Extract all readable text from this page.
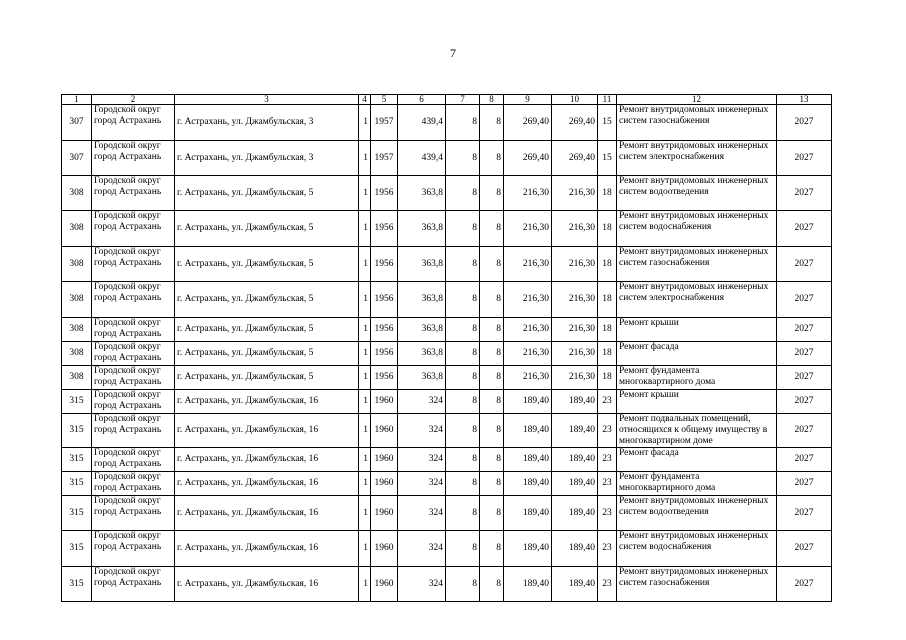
7
1	2	3	4	5	6	7	8	9	10	11	12	13
307	Городской округ город Астрахань	г. Астрахань, ул. Джамбульская, 3	1	1957	439,4	8	8	269,40	269,40	15	Ремонт внутридомовых инженерных систем газоснабжения	2027
307	Городской округ город Астрахань	г. Астрахань, ул. Джамбульская, 3	1	1957	439,4	8	8	269,40	269,40	15	Ремонт внутридомовых инженерных систем электроснабжения	2027
308	Городской округ город Астрахань	г. Астрахань, ул. Джамбульская, 5	1	1956	363,8	8	8	216,30	216,30	18	Ремонт внутридомовых инженерных систем водоотведения	2027
308	Городской округ город Астрахань	г. Астрахань, ул. Джамбульская, 5	1	1956	363,8	8	8	216,30	216,30	18	Ремонт внутридомовых инженерных систем водоснабжения	2027
308	Городской округ город Астрахань	г. Астрахань, ул. Джамбульская, 5	1	1956	363,8	8	8	216,30	216,30	18	Ремонт внутридомовых инженерных систем газоснабжения	2027
308	Городской округ город Астрахань	г. Астрахань, ул. Джамбульская, 5	1	1956	363,8	8	8	216,30	216,30	18	Ремонт внутридомовых инженерных систем электроснабжения	2027
308	Городской округ город Астрахань	г. Астрахань, ул. Джамбульская, 5	1	1956	363,8	8	8	216,30	216,30	18	Ремонт крыши	2027
308	Городской округ город Астрахань	г. Астрахань, ул. Джамбульская, 5	1	1956	363,8	8	8	216,30	216,30	18	Ремонт фасада	2027
308	Городской округ город Астрахань	г. Астрахань, ул. Джамбульская, 5	1	1956	363,8	8	8	216,30	216,30	18	Ремонт фундамента многоквартирного дома	2027
315	Городской округ город Астрахань	г. Астрахань, ул. Джамбульская, 16	1	1960	324	8	8	189,40	189,40	23	Ремонт крыши	2027
315	Городской округ город Астрахань	г. Астрахань, ул. Джамбульская, 16	1	1960	324	8	8	189,40	189,40	23	Ремонт подвальных помещений, относящихся к общему имуществу в многоквартирном доме	2027
315	Городской округ город Астрахань	г. Астрахань, ул. Джамбульская, 16	1	1960	324	8	8	189,40	189,40	23	Ремонт фасада	2027
315	Городской округ город Астрахань	г. Астрахань, ул. Джамбульская, 16	1	1960	324	8	8	189,40	189,40	23	Ремонт фундамента многоквартирного дома	2027
315	Городской округ город Астрахань	г. Астрахань, ул. Джамбульская, 16	1	1960	324	8	8	189,40	189,40	23	Ремонт внутридомовых инженерных систем водоотведения	2027
315	Городской округ город Астрахань	г. Астрахань, ул. Джамбульская, 16	1	1960	324	8	8	189,40	189,40	23	Ремонт внутридомовых инженерных систем водоснабжения	2027
315	Городской округ город Астрахань	г. Астрахань, ул. Джамбульская, 16	1	1960	324	8	8	189,40	189,40	23	Ремонт внутридомовых инженерных систем газоснабжения	2027
